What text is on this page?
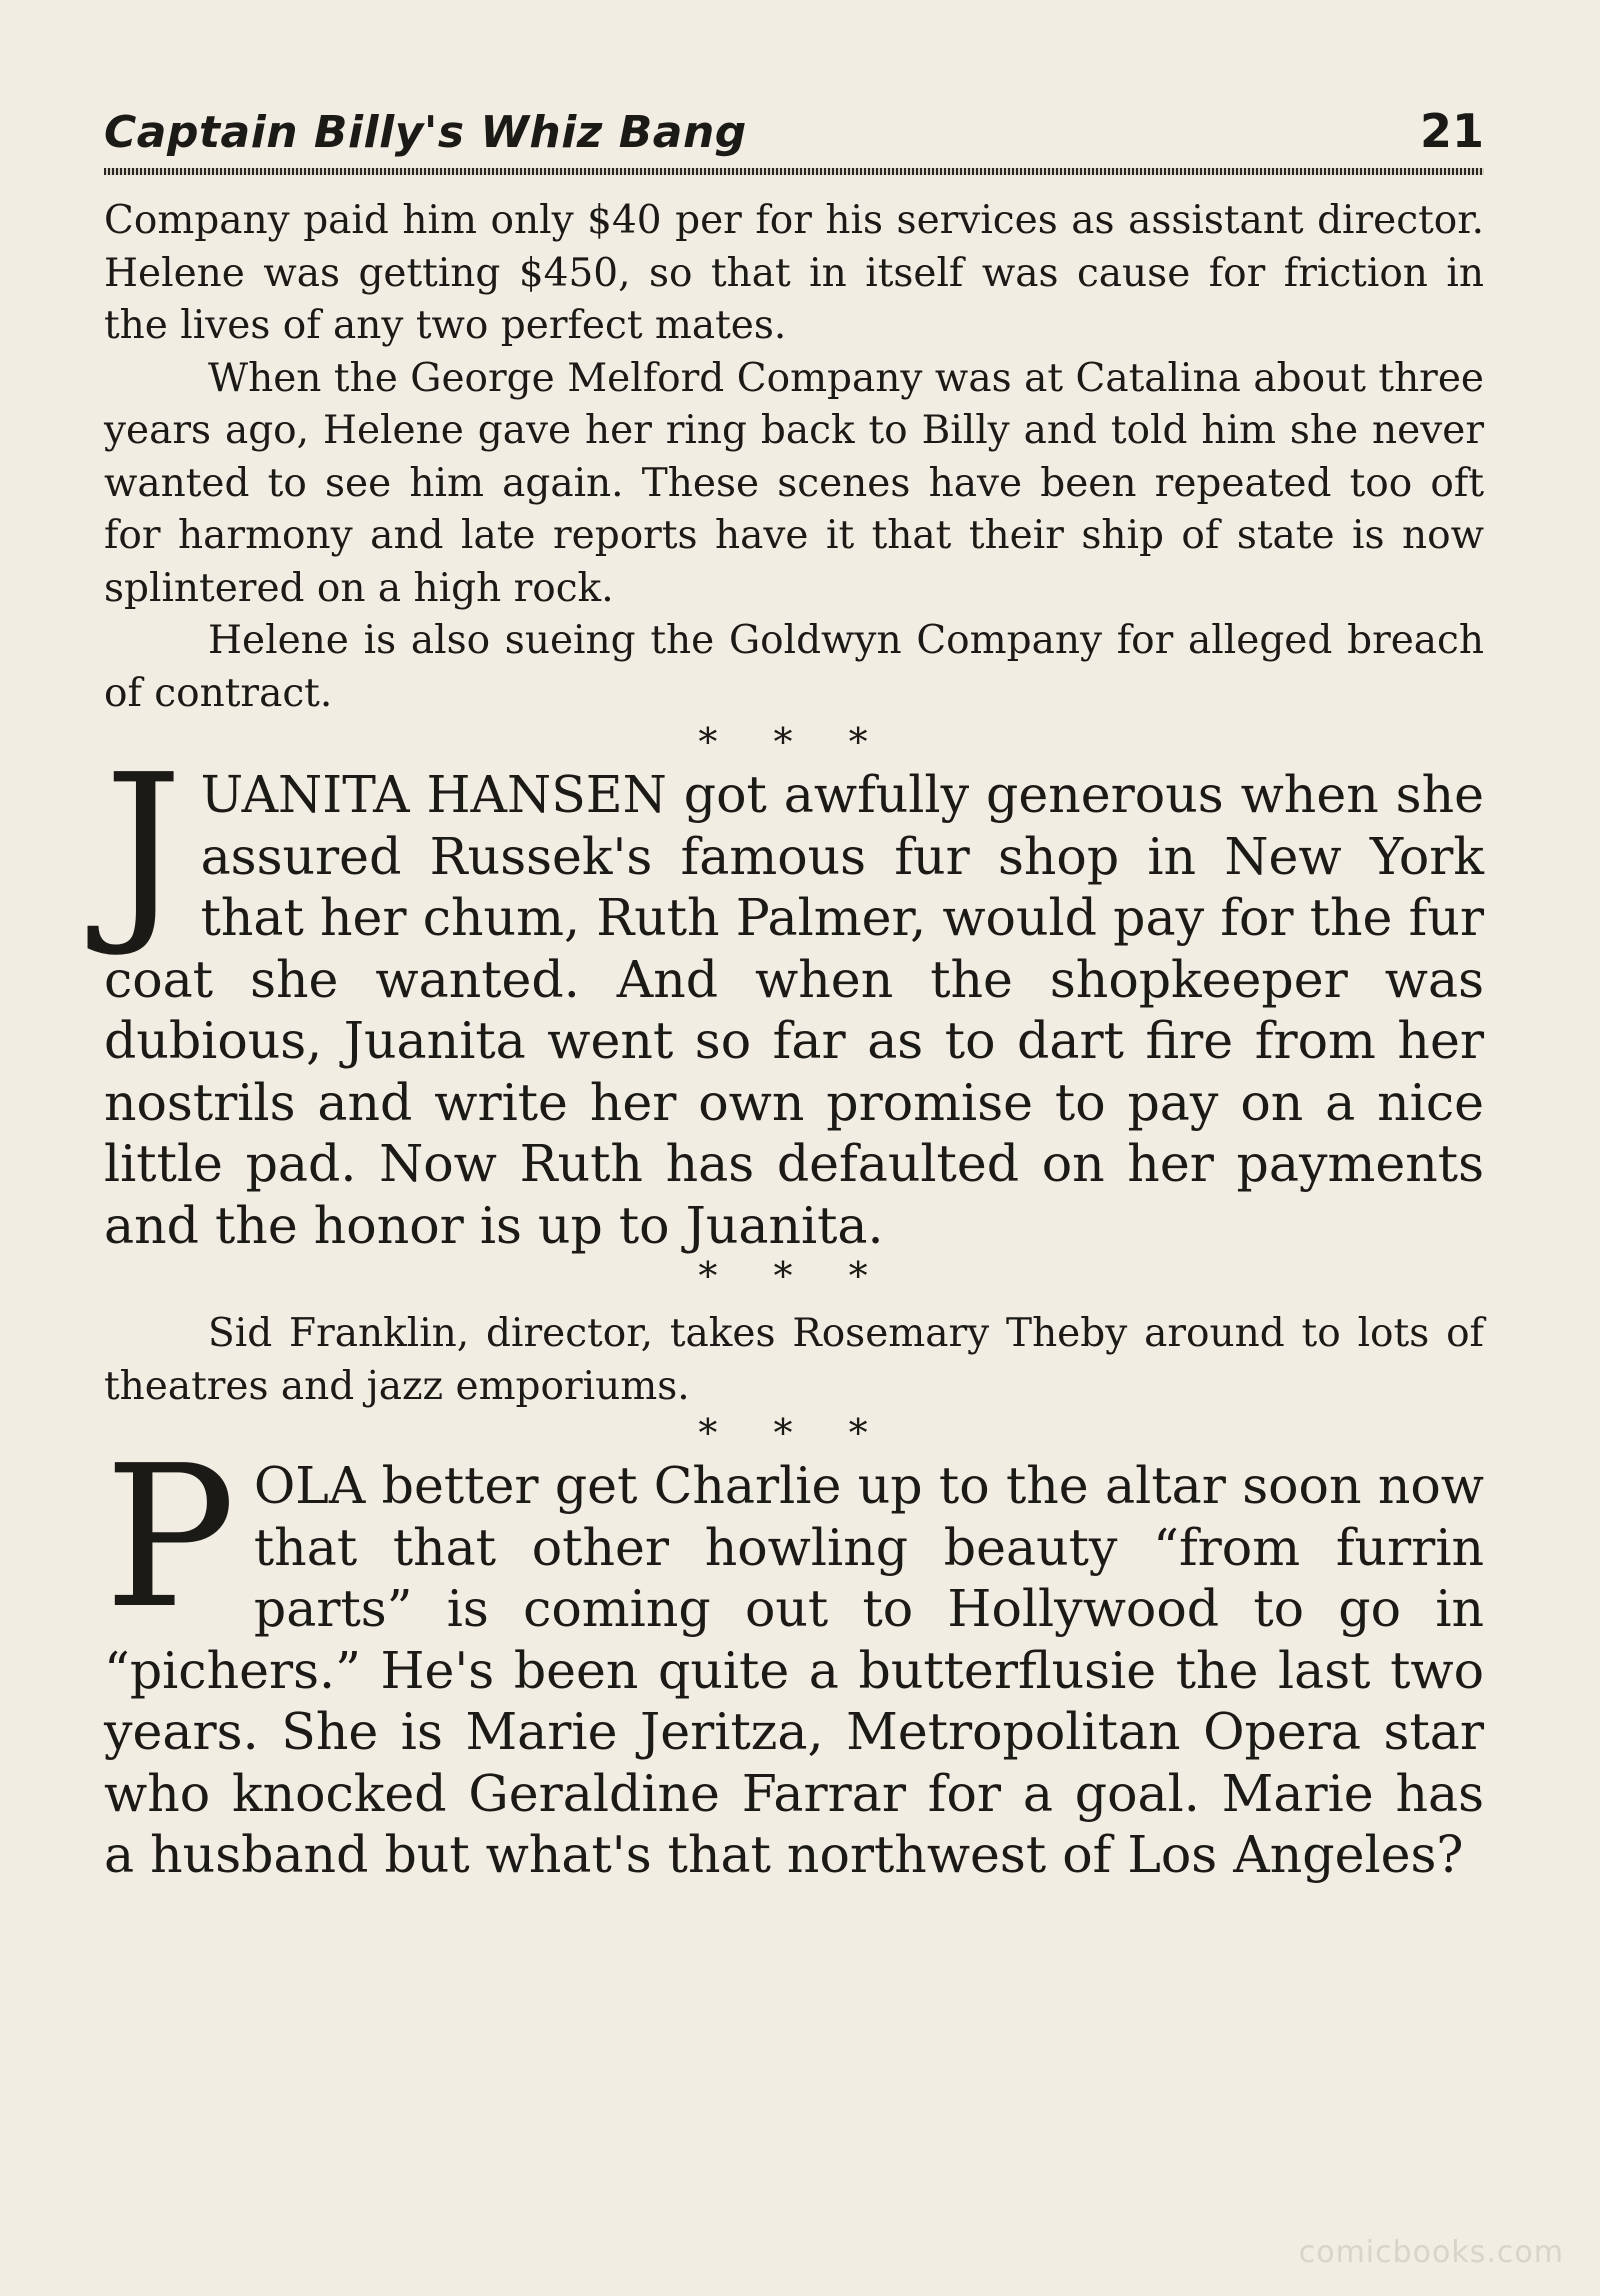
Captain Billy's Whiz Bang	21

Company paid him only $40 per for his services as assistant director. Helene was getting $450, so that in itself was cause for friction in the lives of any two perfect mates.

When the George Melford Company was at Catalina about three years ago, Helene gave her ring back to Billy and told him she never wanted to see him again. These scenes have been repeated too oft for harmony and late reports have it that their ship of state is now splintered on a high rock.

Helene is also sueing the Goldwyn Company for alleged breach of contract.

* * *

JUANITA HANSEN got awfully generous when she assured Russek's famous fur shop in New York that her chum, Ruth Palmer, would pay for the fur coat she wanted. And when the shopkeeper was dubious, Juanita went so far as to dart fire from her nostrils and write her own promise to pay on a nice little pad. Now Ruth has defaulted on her payments and the honor is up to Juanita.

* * *

Sid Franklin, director, takes Rosemary Theby around to lots of theatres and jazz emporiums.

* * *

POLA better get Charlie up to the altar soon now that that other howling beauty “from furrin parts” is coming out to Hollywood to go in “pichers.” He's been quite a butterflusie the last two years. She is Marie Jeritza, Metropolitan Opera star who knocked Geraldine Farrar for a goal. Marie has a husband but what's that northwest of Los Angeles?

comicbooks.com
